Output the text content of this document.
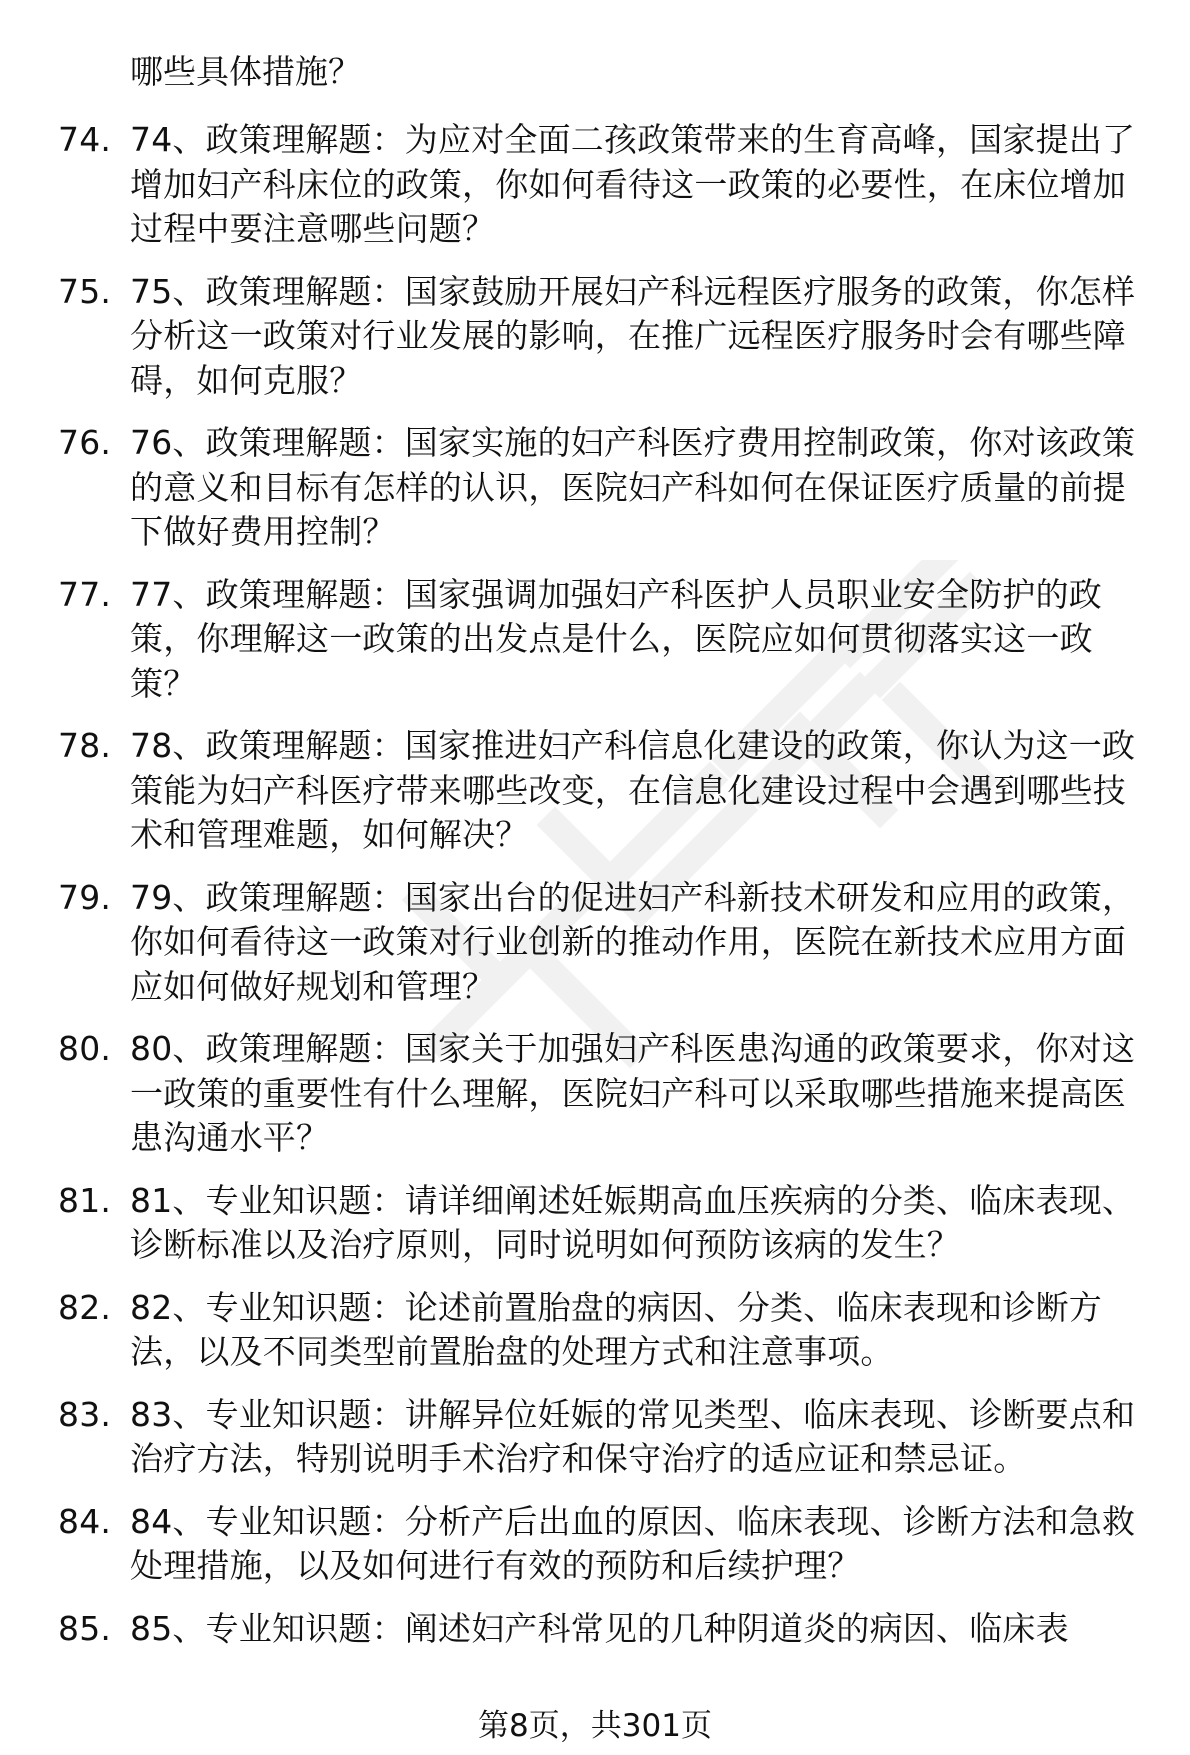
哪些具体措施？

74. 74、政策理解题：为应对全面二孩政策带来的生育高峰，国家提出了增加妇产科床位的政策，你如何看待这一政策的必要性，在床位增加过程中要注意哪些问题？
75. 75、政策理解题：国家鼓励开展妇产科远程医疗服务的政策，你怎样分析这一政策对行业发展的影响，在推广远程医疗服务时会有哪些障碍，如何克服？
76. 76、政策理解题：国家实施的妇产科医疗费用控制政策，你对该政策的意义和目标有怎样的认识，医院妇产科如何在保证医疗质量的前提下做好费用控制？
77. 77、政策理解题：国家强调加强妇产科医护人员职业安全防护的政策，你理解这一政策的出发点是什么，医院应如何贯彻落实这一政策？
78. 78、政策理解题：国家推进妇产科信息化建设的政策，你认为这一政策能为妇产科医疗带来哪些改变，在信息化建设过程中会遇到哪些技术和管理难题，如何解决？
79. 79、政策理解题：国家出台的促进妇产科新技术研发和应用的政策，你如何看待这一政策对行业创新的推动作用，医院在新技术应用方面应如何做好规划和管理？
80. 80、政策理解题：国家关于加强妇产科医患沟通的政策要求，你对这一政策的重要性有什么理解，医院妇产科可以采取哪些措施来提高医患沟通水平？
81. 81、专业知识题：请详细阐述妊娠期高血压疾病的分类、临床表现、诊断标准以及治疗原则，同时说明如何预防该病的发生？
82. 82、专业知识题：论述前置胎盘的病因、分类、临床表现和诊断方法，以及不同类型前置胎盘的处理方式和注意事项。
83. 83、专业知识题：讲解异位妊娠的常见类型、临床表现、诊断要点和治疗方法，特别说明手术治疗和保守治疗的适应证和禁忌证。
84. 84、专业知识题：分析产后出血的原因、临床表现、诊断方法和急救处理措施，以及如何进行有效的预防和后续护理？
85. 85、专业知识题：阐述妇产科常见的几种阴道炎的病因、临床表
第8页，共301页
